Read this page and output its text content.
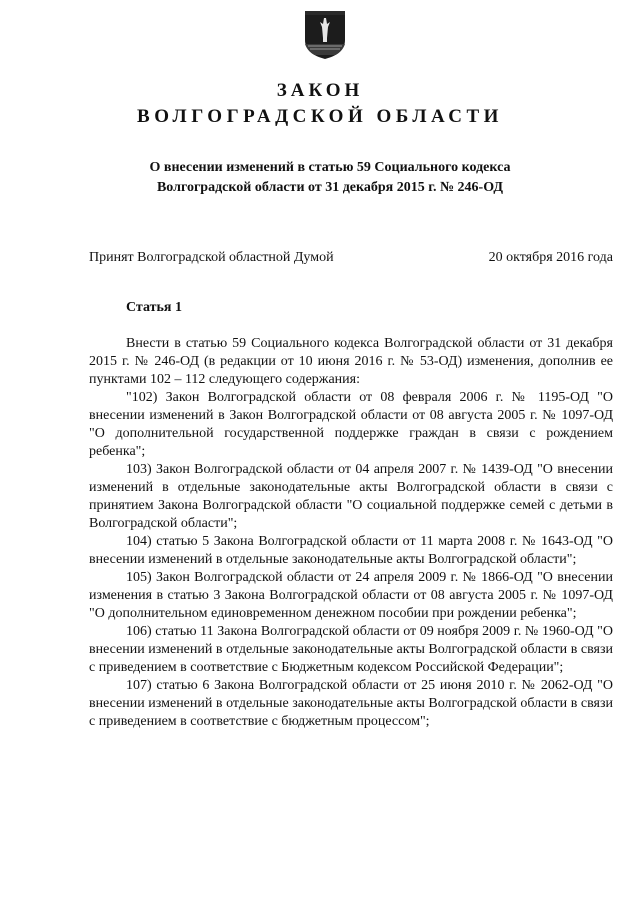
ЗАКОН
ВОЛГОГРАДСКОЙ ОБЛАСТИ
О внесении изменений в статью 59 Социального кодекса
Волгоградской области от 31 декабря 2015 г. № 246-ОД
Принят Волгоградской областной Думой	20 октября 2016 года
Статья 1

Внести в статью 59 Социального кодекса Волгоградской области от 31 декабря 2015 г. № 246-ОД (в редакции от 10 июня 2016 г. № 53-ОД) изменения, дополнив ее пунктами 102 – 112 следующего содержания:

"102) Закон Волгоградской области от 08 февраля 2006 г. № 1195-ОД "О внесении изменений в Закон Волгоградской области от 08 августа 2005 г. № 1097-ОД "О дополнительной государственной поддержке граждан в связи с рождением ребенка";

103) Закон Волгоградской области от 04 апреля 2007 г. № 1439-ОД "О внесении изменений в отдельные законодательные акты Волгоградской области в связи с принятием Закона Волгоградской области "О социальной поддержке семей с детьми в Волгоградской области";

104) статью 5 Закона Волгоградской области от 11 марта 2008 г. № 1643-ОД "О внесении изменений в отдельные законодательные акты Волгоградской области";

105) Закон Волгоградской области от 24 апреля 2009 г. № 1866-ОД "О внесении изменения в статью 3 Закона Волгоградской области от 08 августа 2005 г. № 1097-ОД "О дополнительном единовременном денежном пособии при рождении ребенка";

106) статью 11 Закона Волгоградской области от 09 ноября 2009 г. № 1960-ОД "О внесении изменений в отдельные законодательные акты Волгоградской области в связи с приведением в соответствие с Бюджетным кодексом Российской Федерации";

107) статью 6 Закона Волгоградской области от 25 июня 2010 г. № 2062-ОД "О внесении изменений в отдельные законодательные акты Волгоградской области в связи с приведением в соответствие с бюджетным процессом";
